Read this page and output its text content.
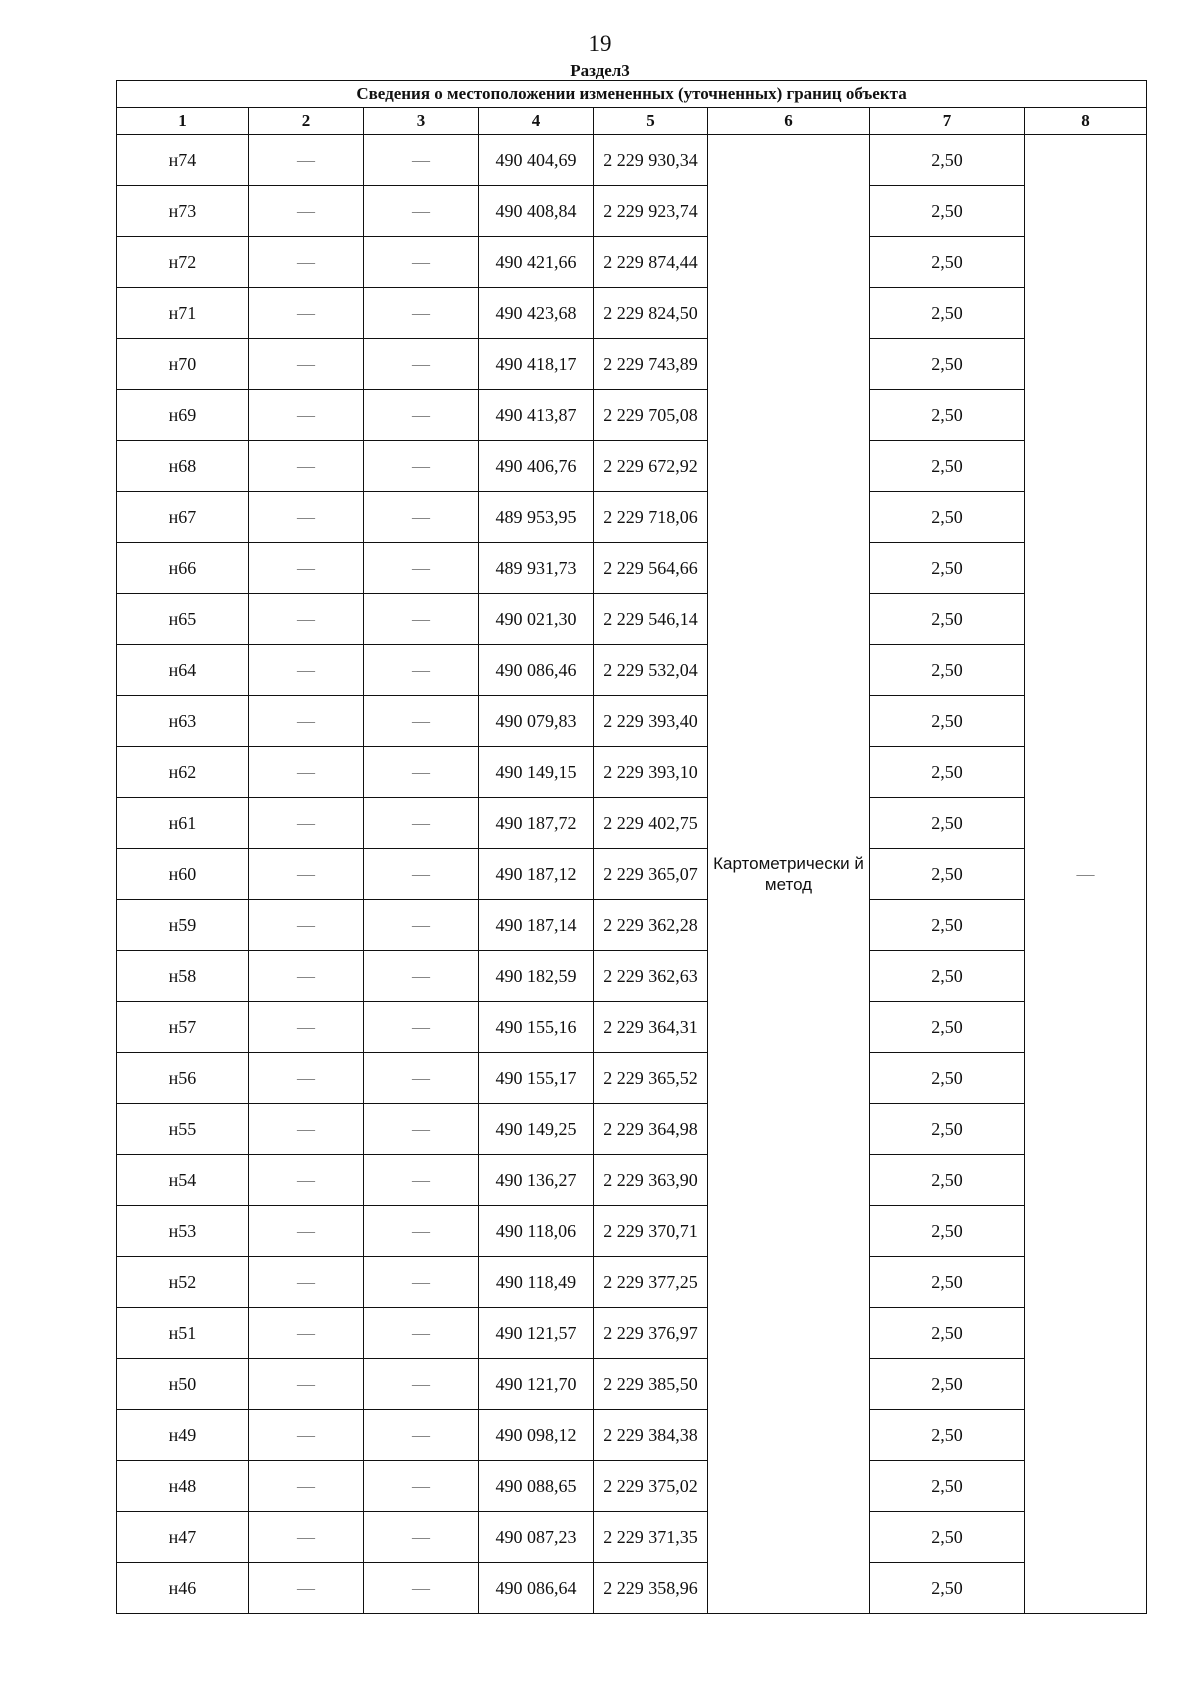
19
Раздел3
Сведения о местоположении измененных (уточненных) границ объекта							
1	2	3	4	5	6	7	8
н74	—	—	490 404,69	2 229 930,34	Картометрически й метод	2,50	—
н73	—	—	490 408,84	2 229 923,74		2,50	
н72	—	—	490 421,66	2 229 874,44		2,50	
н71	—	—	490 423,68	2 229 824,50		2,50	
н70	—	—	490 418,17	2 229 743,89		2,50	
н69	—	—	490 413,87	2 229 705,08		2,50	
н68	—	—	490 406,76	2 229 672,92		2,50	
н67	—	—	489 953,95	2 229 718,06		2,50	
н66	—	—	489 931,73	2 229 564,66		2,50	
н65	—	—	490 021,30	2 229 546,14		2,50	
н64	—	—	490 086,46	2 229 532,04		2,50	
н63	—	—	490 079,83	2 229 393,40		2,50	
н62	—	—	490 149,15	2 229 393,10		2,50	
н61	—	—	490 187,72	2 229 402,75		2,50	
н60	—	—	490 187,12	2 229 365,07		2,50	
н59	—	—	490 187,14	2 229 362,28		2,50	
н58	—	—	490 182,59	2 229 362,63		2,50	
н57	—	—	490 155,16	2 229 364,31		2,50	
н56	—	—	490 155,17	2 229 365,52		2,50	
н55	—	—	490 149,25	2 229 364,98		2,50	
н54	—	—	490 136,27	2 229 363,90		2,50	
н53	—	—	490 118,06	2 229 370,71		2,50	
н52	—	—	490 118,49	2 229 377,25		2,50	
н51	—	—	490 121,57	2 229 376,97		2,50	
н50	—	—	490 121,70	2 229 385,50		2,50	
н49	—	—	490 098,12	2 229 384,38		2,50	
н48	—	—	490 088,65	2 229 375,02		2,50	
н47	—	—	490 087,23	2 229 371,35		2,50	
н46	—	—	490 086,64	2 229 358,96		2,50	
